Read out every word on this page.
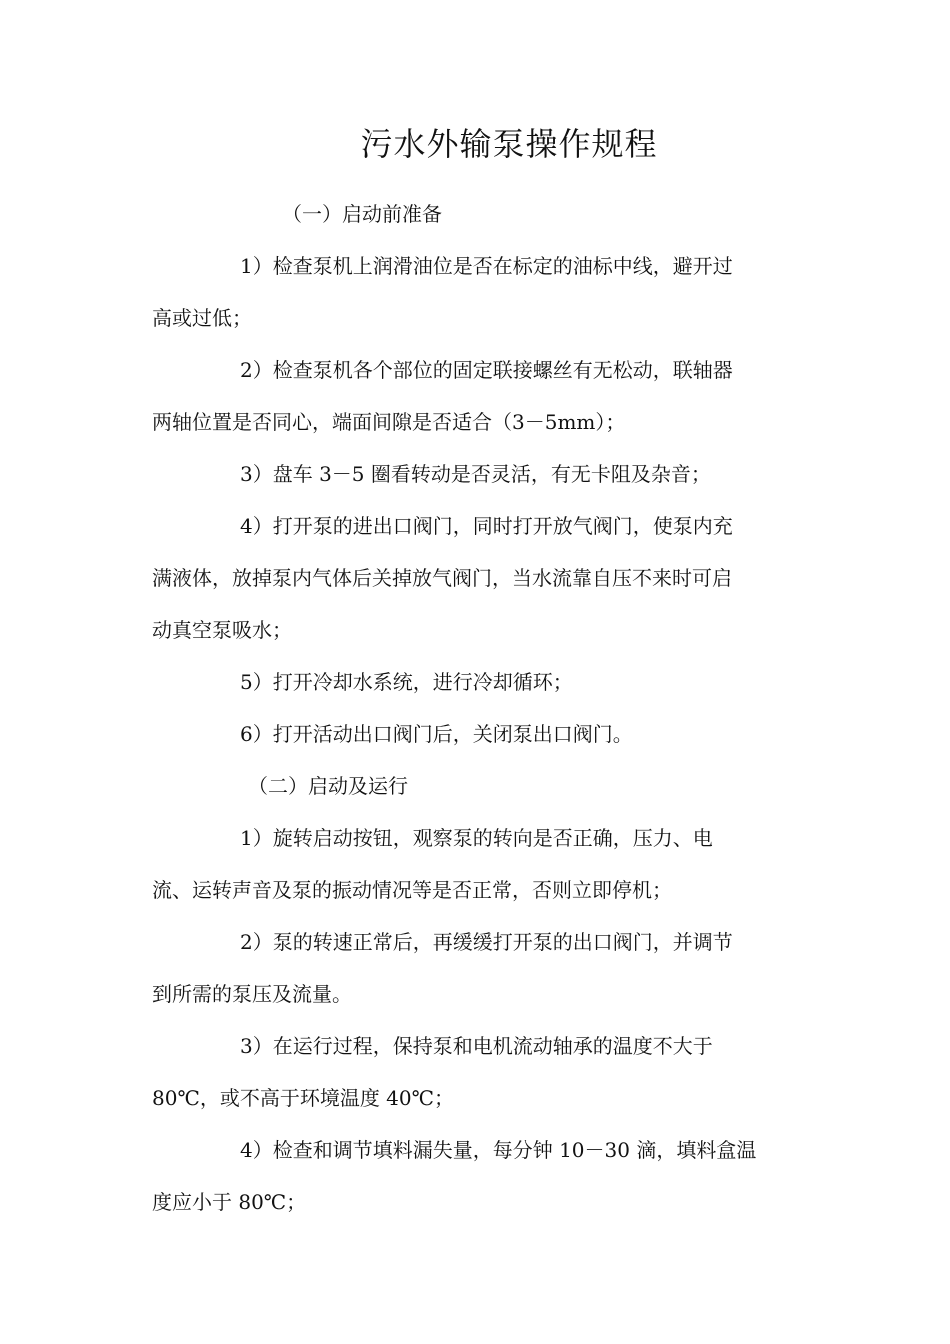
污水外输泵操作规程
（一）启动前准备
1）检查泵机上润滑油位是否在标定的油标中线，避开过
高或过低；
2）检查泵机各个部位的固定联接螺丝有无松动，联轴器
两轴位置是否同心，端面间隙是否适合（3－5mm）；
3）盘车 3－5 圈看转动是否灵活，有无卡阻及杂音；
4）打开泵的进出口阀门，同时打开放气阀门，使泵内充
满液体，放掉泵内气体后关掉放气阀门，当水流靠自压不来时可启
动真空泵吸水；
5）打开冷却水系统，进行冷却循环；
6）打开活动出口阀门后，关闭泵出口阀门。
（二）启动及运行
1）旋转启动按钮，观察泵的转向是否正确，压力、电
流、运转声音及泵的振动情况等是否正常，否则立即停机；
2）泵的转速正常后，再缓缓打开泵的出口阀门，并调节
到所需的泵压及流量。
3）在运行过程，保持泵和电机流动轴承的温度不大于
80℃，或不高于环境温度 40℃；
4）检查和调节填料漏失量，每分钟 10－30 滴，填料盒温
度应小于 80℃；
